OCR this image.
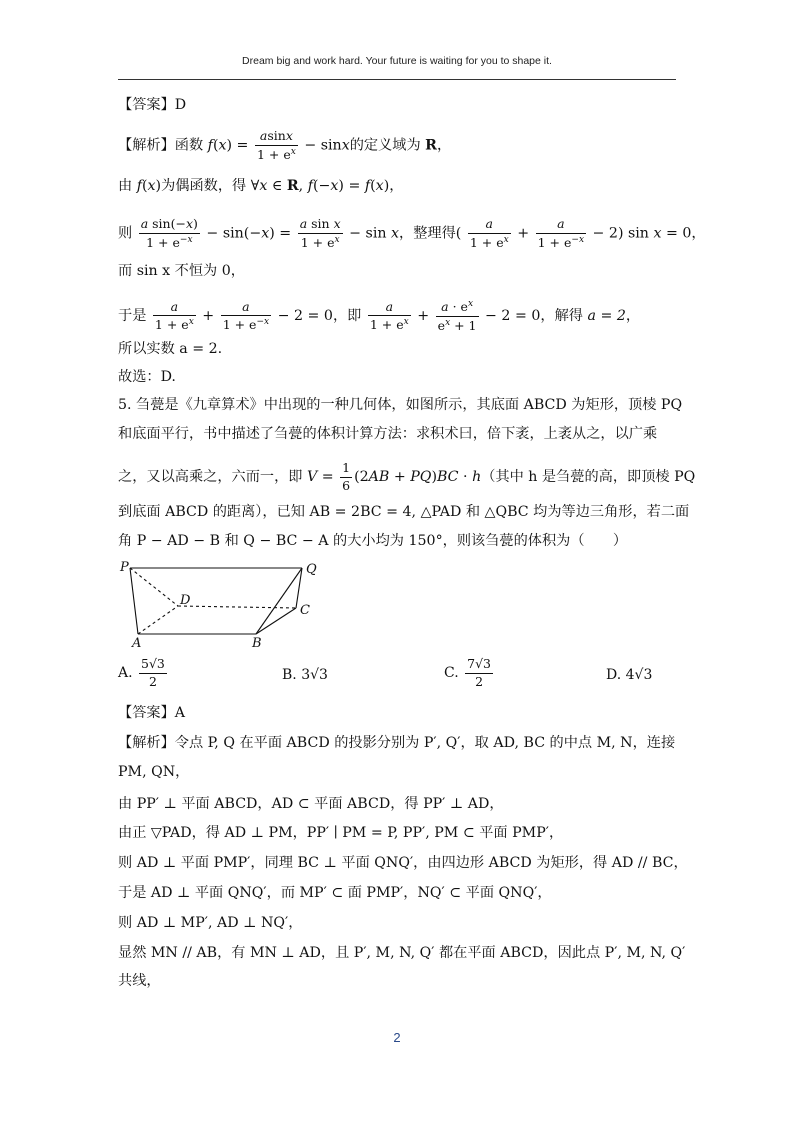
Dream big and work hard. Your future is waiting for you to shape it.
【答案】D
【解析】函数 $f(x) = \frac{asinx}{1 + e^x} - \sin x$的定义域为 R，
由 f(x)为偶函数，得 ∀x ∈ R, f(−x) = f(x)，
则 $\frac{\text{a sin(−x)}}{1 + e^{-x}} - \sin(-x) = \frac{\text{a sin x}}{1 + e^x} - \sin x$，整理得( $\frac{a}{1 + e^x} + \frac{a}{1 + e^{-x}} - 2$) sin x = 0，
而 sin x 不恒为 0，
于是 $\frac{a}{1 + e^x} + \frac{a}{1 + e^{-x}} - 2 = 0$，即 $\frac{a}{1 + e^x} + \frac{a \cdot e^x}{e^x + 1} - 2 = 0$，解得 a = 2，
所以实数 a = 2.
故选：D.
5. 刍甍是《九章算术》中出现的一种几何体，如图所示，其底面 ABCD 为矩形，顶棱 PQ
和底面平行，书中描述了刍甍的体积计算方法：求积术曰，倍下袤，上袤从之，以广乘
之，又以高乘之，六而一，即 $V = \frac{1}{6} (2AB + PQ)BC \cdot h$（其中 h 是刍甍的高，即顶棱 PQ
到底面 ABCD 的距离），已知 AB = 2BC = 4, △PAD 和 △QBC 均为等边三角形，若二面
角 P − AD − B 和 Q − BC − A 的大小均为 150°，则该刍甍的体积为（　　）
P	Q
D
C
A	B
A. $\frac{5√3}{2}$	B. 3√3	C. $\frac{7√3}{2}$	D. 4√3
【答案】A
【解析】令点 P, Q 在平面 ABCD 的投影分别为 P′, Q′，取 AD, BC 的中点 M, N，连接
PM, QN，
由 PP′ ⊥ 平面 ABCD，AD ⊂ 平面 ABCD，得 PP′ ⊥ AD，
由正 ▽PAD，得 AD ⊥ PM，PP′ ∣ PM = P, PP′, PM ⊂ 平面 PMP′，
则 AD ⊥ 平面 PMP′，同理 BC ⊥ 平面 QNQ′，由四边形 ABCD 为矩形，得 AD // BC，
于是 AD ⊥ 平面 QNQ′，而 MP′ ⊂ 面 PMP′，NQ′ ⊂ 平面 QNQ′，
则 AD ⊥ MP′, AD ⊥ NQ′，
显然 MN // AB，有 MN ⊥ AD，且 P′, M, N, Q′ 都在平面 ABCD，因此点 P′, M, N, Q′
共线，
2
